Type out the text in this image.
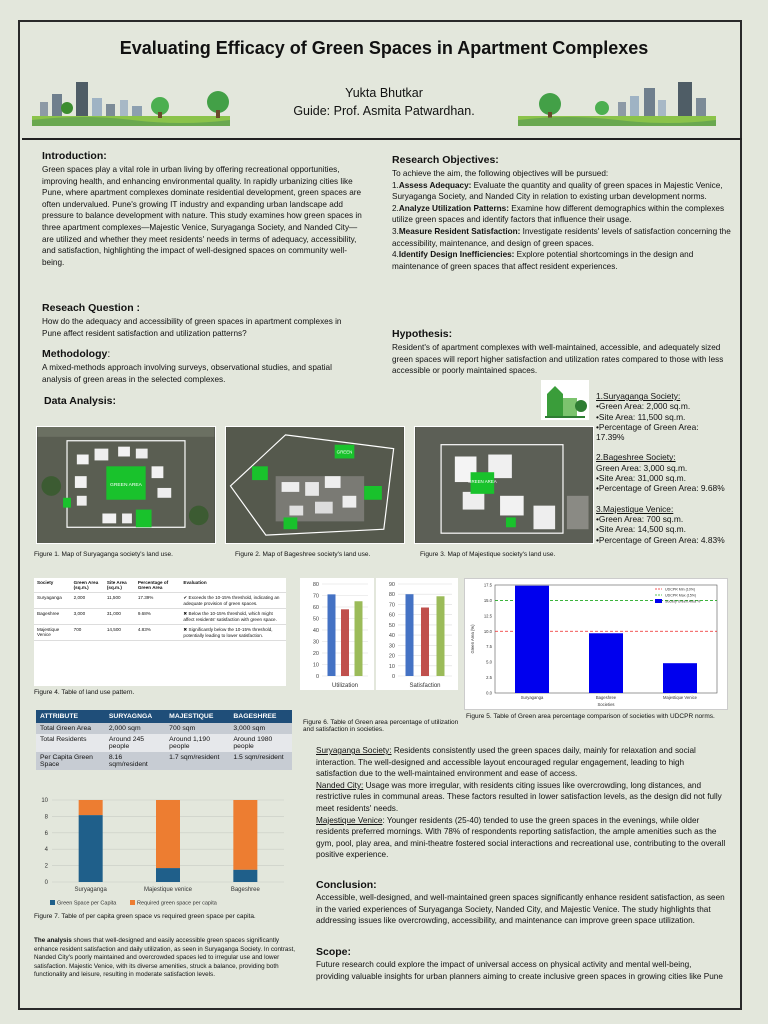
Evaluating Efficacy of Green Spaces in Apartment Complexes
Yukta Bhutkar
Guide: Prof. Asmita Patwardhan.
Introduction:

Green spaces play a vital role in urban living by offering recreational opportunities, improving health, and enhancing environmental quality. In rapidly urbanizing cities like Pune, where apartment complexes dominate residential development, green spaces are often undervalued. Pune's growing IT industry and expanding urban landscape add pressure to balance development with nature. This study examines how green spaces in three apartment complexes—Majestic Venice, Suryaganga Society, and Nanded City—are utilized and whether they meet residents' needs in terms of adequacy, accessibility, and satisfaction, highlighting the impact of well-designed spaces on community well-being.

Reseach Question :

How do the adequacy and accessibility of green spaces in apartment complexes in Pune affect resident satisfaction and utilization patterns?

Methodology:

A mixed-methods approach involving surveys, observational studies, and spatial analysis of green areas in the selected complexes.

Data Analysis:
Research Objectives:

To achieve the aim, the following objectives will be pursued:

1.Assess Adequacy: Evaluate the quantity and quality of green spaces in Majestic Venice, Suryaganga Society, and Nanded City in relation to existing urban development norms.

2.Analyze Utilization Patterns: Examine how different demographics within the complexes utilize green spaces and identify factors that influence their usage.

3.Measure Resident Satisfaction: Investigate residents' levels of satisfaction concerning the accessibility, maintenance, and design of green spaces.

4.Identify Design Inefficiencies: Explore potential shortcomings in the design and maintenance of green spaces that affect resident experiences.

Hypothesis:

Resident's of apartment complexes with well-maintained, accessible, and adequately sized green spaces will report higher satisfaction and utilization rates compared to those with less accessible or poorly maintained spaces.

1.Suryaganga Society:
•Green Area: 2,000 sq.m.
•Site Area: 11,500 sq.m.
•Percentage of Green Area: 17.39%
2.Bageshree Society:
Green Area: 3,000 sq.m.
•Site Area: 31,000 sq.m.
•Percentage of Green Area: 9.68%
3.Majestique Venice:
•Green Area: 700 sq.m.
•Site Area: 14,500 sq.m.
•Percentage of Green Area: 4.83%
GREEN AREA
GREEN
GREEN AREA
Figure 1. Map of Suryaganga society's land use.	Figure 2. Map of Bageshree society's land use.	Figure 3. Map of Majestique society's land use.
Society	Green Area (sq.m.)	Site Area (sq.m.)	Percentage of Green Area	Evaluation
Suryaganga	2,000	11,500	17.39%	✔ Exceeds the 10-15% threshold, indicating an adequate provision of green spaces.
Bageshree	3,000	31,000	9.68%	✖ Below the 10-15% threshold, which might affect residents' satisfaction with green space.
Majestique Venice	700	14,500	4.83%	✖ Significantly below the 10-15% threshold, potentially leading to lower satisfaction.
Figure 4. Table of land use pattern.
0
10
20
30
40
50
60
70
80
Utilization
0
10
20
30
40
50
60
70
80
90
Satisfaction
Figure 6. Table of Green area percentage of utilization and satisfaction in societies.
0.0
2.5
5.0
7.5
10.0
12.5
15.0
17.5
Suryaganga	Bageshree	Majestique Venice
Societies
Green Area (%)
UDCPR Min (10%)
UDCPR Max (15%)
Society Green Area %
Figure 5. Table of Green area percentage comparison of societies with UDCPR norms.
ATTRIBUTE	SURYAGNGA	MAJESTIQUE	BAGESHREE
Total Green Area	2,000 sqm	700 sqm	3,000 sqm
Total Residents	Around 245 people	Around 1,190 people	Around 1980 people
Per Capita Green Space	8.16 sqm/resident	1.7 sqm/resident	1.5 sqm/resident
0
2
4
6
8
10
Suryaganga	Majestique venice	Bageshree
Green Space per Capita	Required green space per capita
Figure 7. Table of per capita green space vs required green space per capita.
The analysis shows that well-designed and easily accessible green spaces significantly enhance resident satisfaction and daily utilization, as seen in Suryaganga Society. In contrast, Nanded City's poorly maintained and overcrowded spaces led to irregular use and lower satisfaction. Majestic Venice, with its diverse amenities, struck a balance, providing both functionality and leisure, resulting in moderate satisfaction levels.

Suryaganga Society: Residents consistently used the green spaces daily, mainly for relaxation and social interaction. The well-designed and accessible layout encouraged regular engagement, leading to high satisfaction due to the well-maintained environment and ease of access.

Nanded City: Usage was more irregular, with residents citing issues like overcrowding, long distances, and restrictive rules in communal areas. These factors resulted in lower satisfaction levels, as the design did not fully meet residents' needs.

Majestique Venice: Younger residents (25-40) tended to use the green spaces in the evenings, while older residents preferred mornings. With 78% of respondents reporting satisfaction, the ample amenities such as the gym, pool, play area, and mini-theatre fostered social interactions and recreational use, contributing to the overall positive experience.

Conclusion:

Accessible, well-designed, and well-maintained green spaces significantly enhance resident satisfaction, as seen in the varied experiences of Suryaganga Society, Nanded City, and Majestic Venice. The study highlights that addressing issues like overcrowding, accessibility, and maintenance can improve green space utilization.

Scope:

Future research could explore the impact of universal access on physical activity and mental well-being, providing valuable insights for urban planners aiming to create inclusive green spaces in growing cities like Pune
